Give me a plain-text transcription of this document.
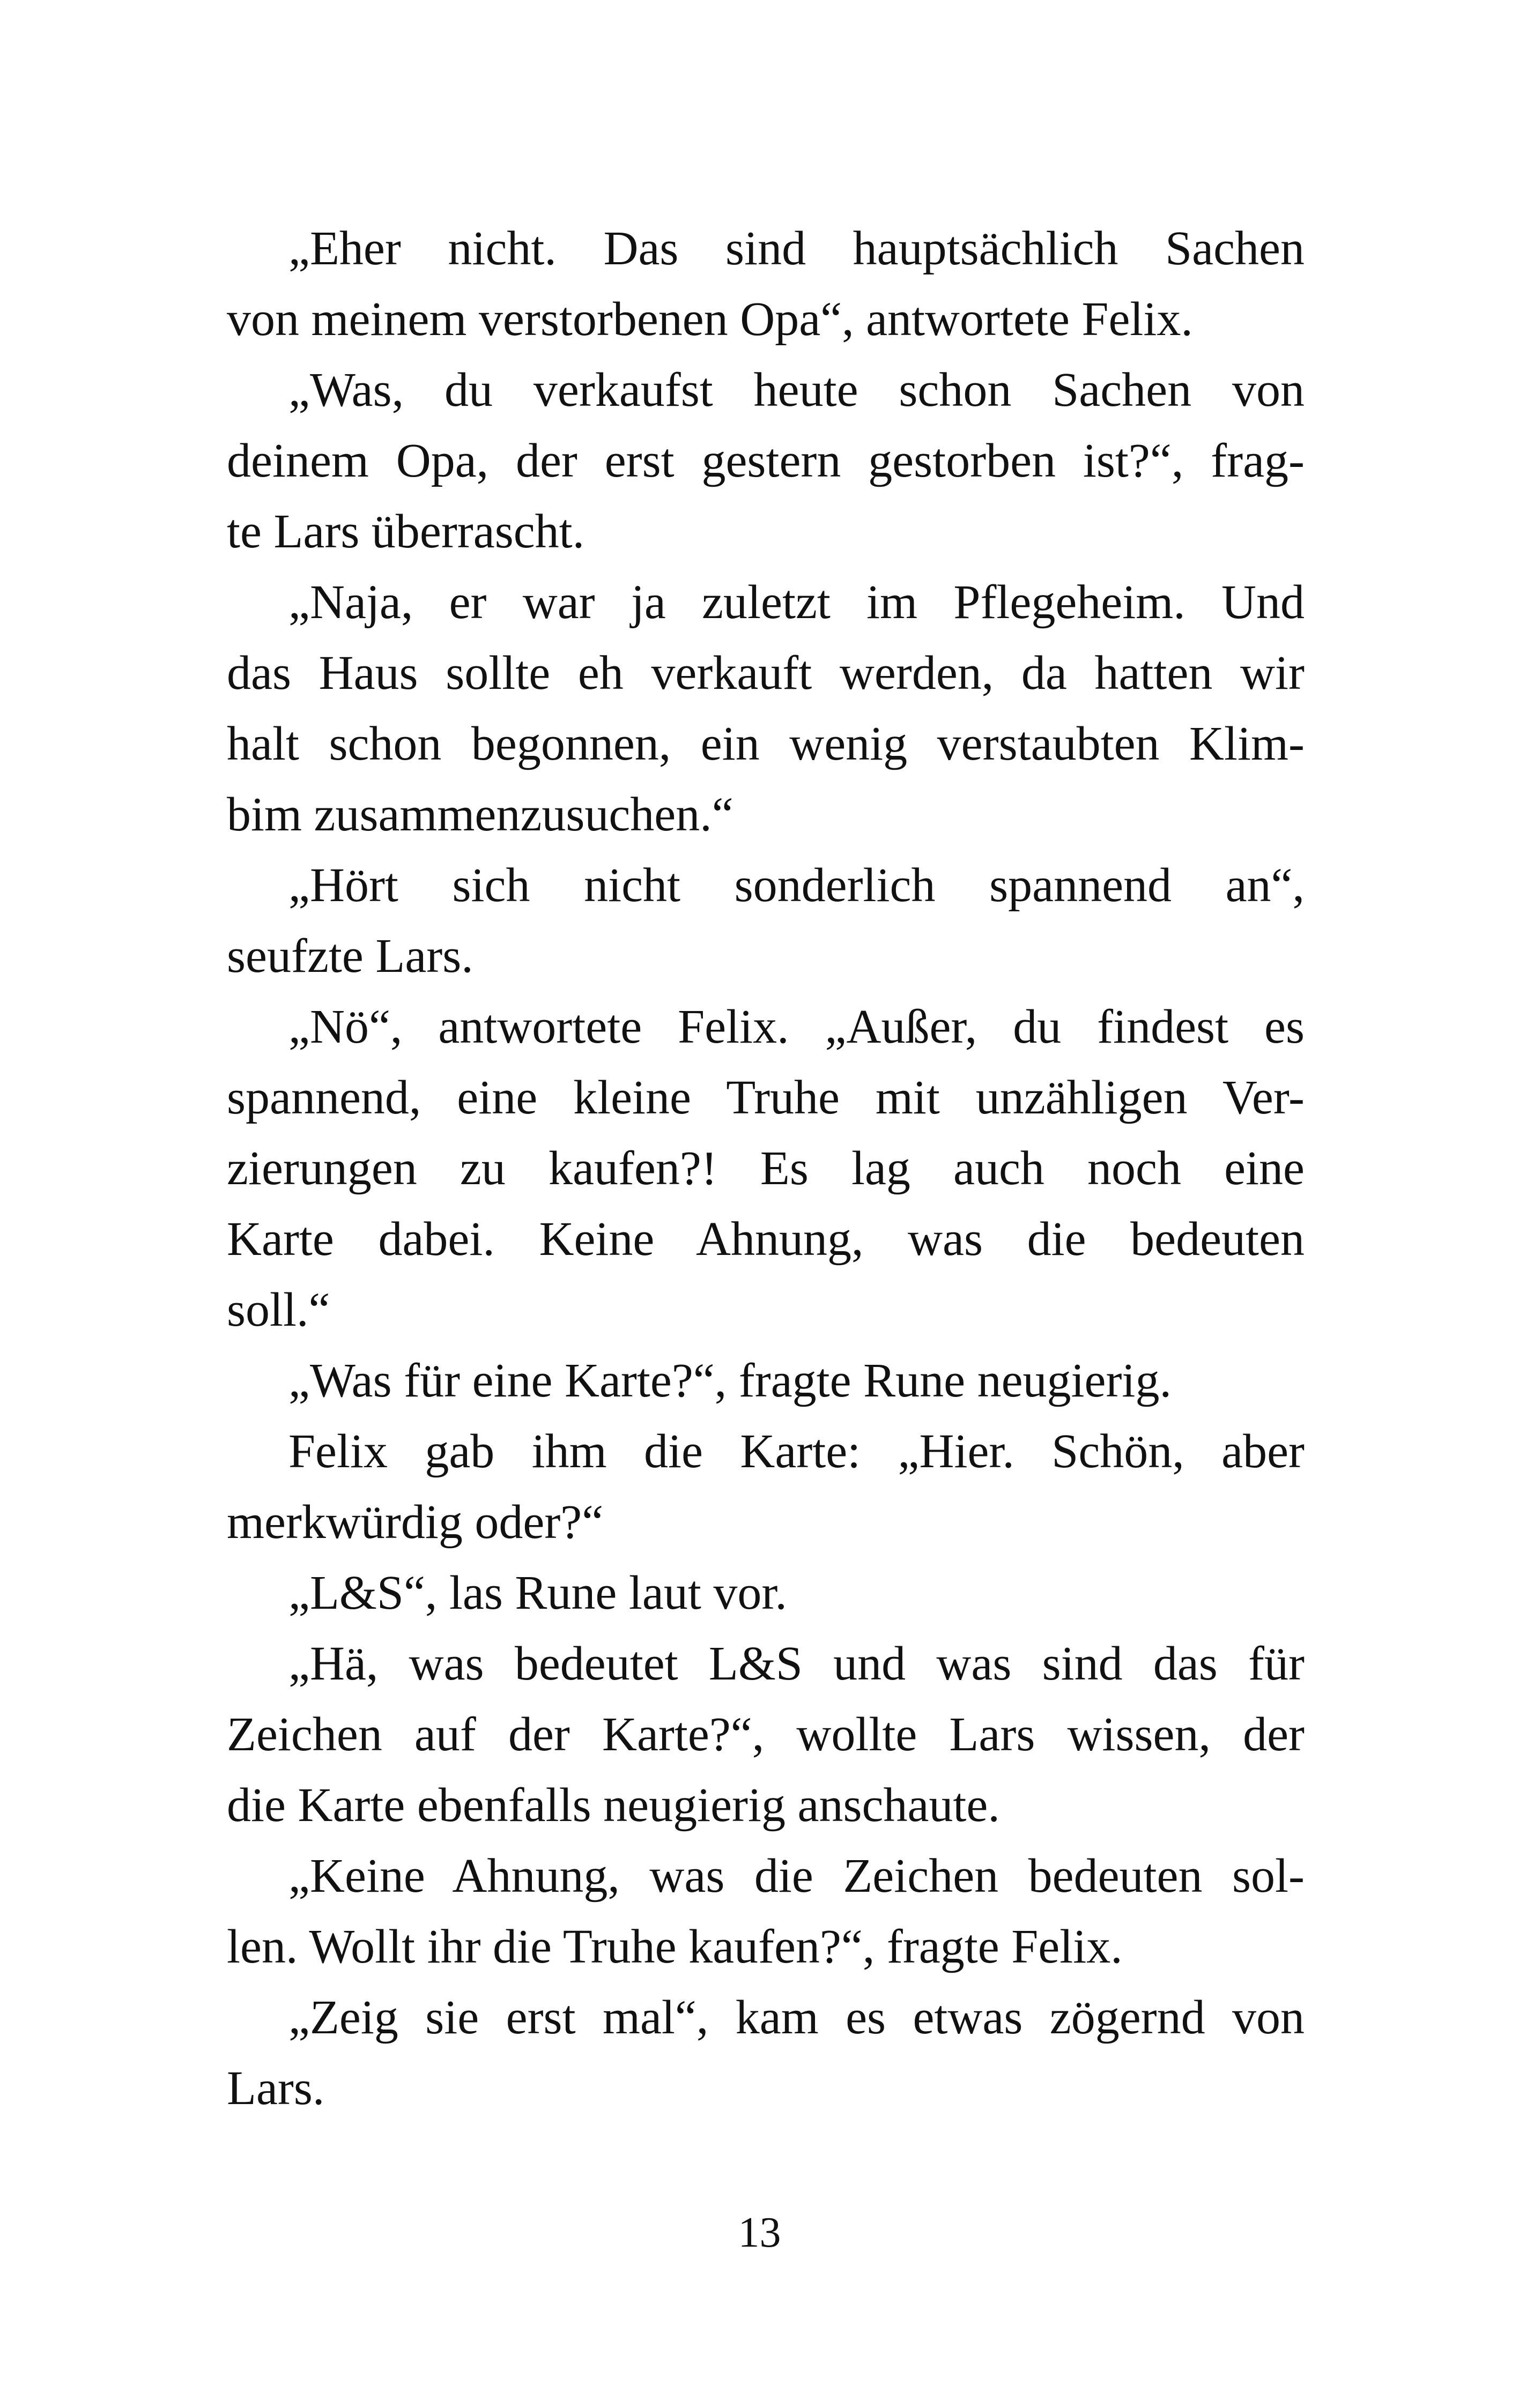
„Eher nicht. Das sind hauptsächlich Sachen
von meinem verstorbenen Opa“, antwortete Felix.
„Was, du verkaufst heute schon Sachen von
deinem Opa, der erst gestern gestorben ist?“, frag-
te Lars überrascht.
„Naja, er war ja zuletzt im Pflegeheim. Und
das Haus sollte eh verkauft werden, da hatten wir
halt schon begonnen, ein wenig verstaubten Klim-
bim zusammenzusuchen.“
„Hört sich nicht sonderlich spannend an“,
seufzte Lars.
„Nö“, antwortete Felix. „Außer, du findest es
spannend, eine kleine Truhe mit unzähligen Ver-
zierungen zu kaufen?! Es lag auch noch eine
Karte dabei. Keine Ahnung, was die bedeuten
soll.“
„Was für eine Karte?“, fragte Rune neugierig.
Felix gab ihm die Karte: „Hier. Schön, aber
merkwürdig oder?“
„L&S“, las Rune laut vor.
„Hä, was bedeutet L&S und was sind das für
Zeichen auf der Karte?“, wollte Lars wissen, der
die Karte ebenfalls neugierig anschaute.
„Keine Ahnung, was die Zeichen bedeuten sol-
len. Wollt ihr die Truhe kaufen?“, fragte Felix.
„Zeig sie erst mal“, kam es etwas zögernd von
Lars.
13
